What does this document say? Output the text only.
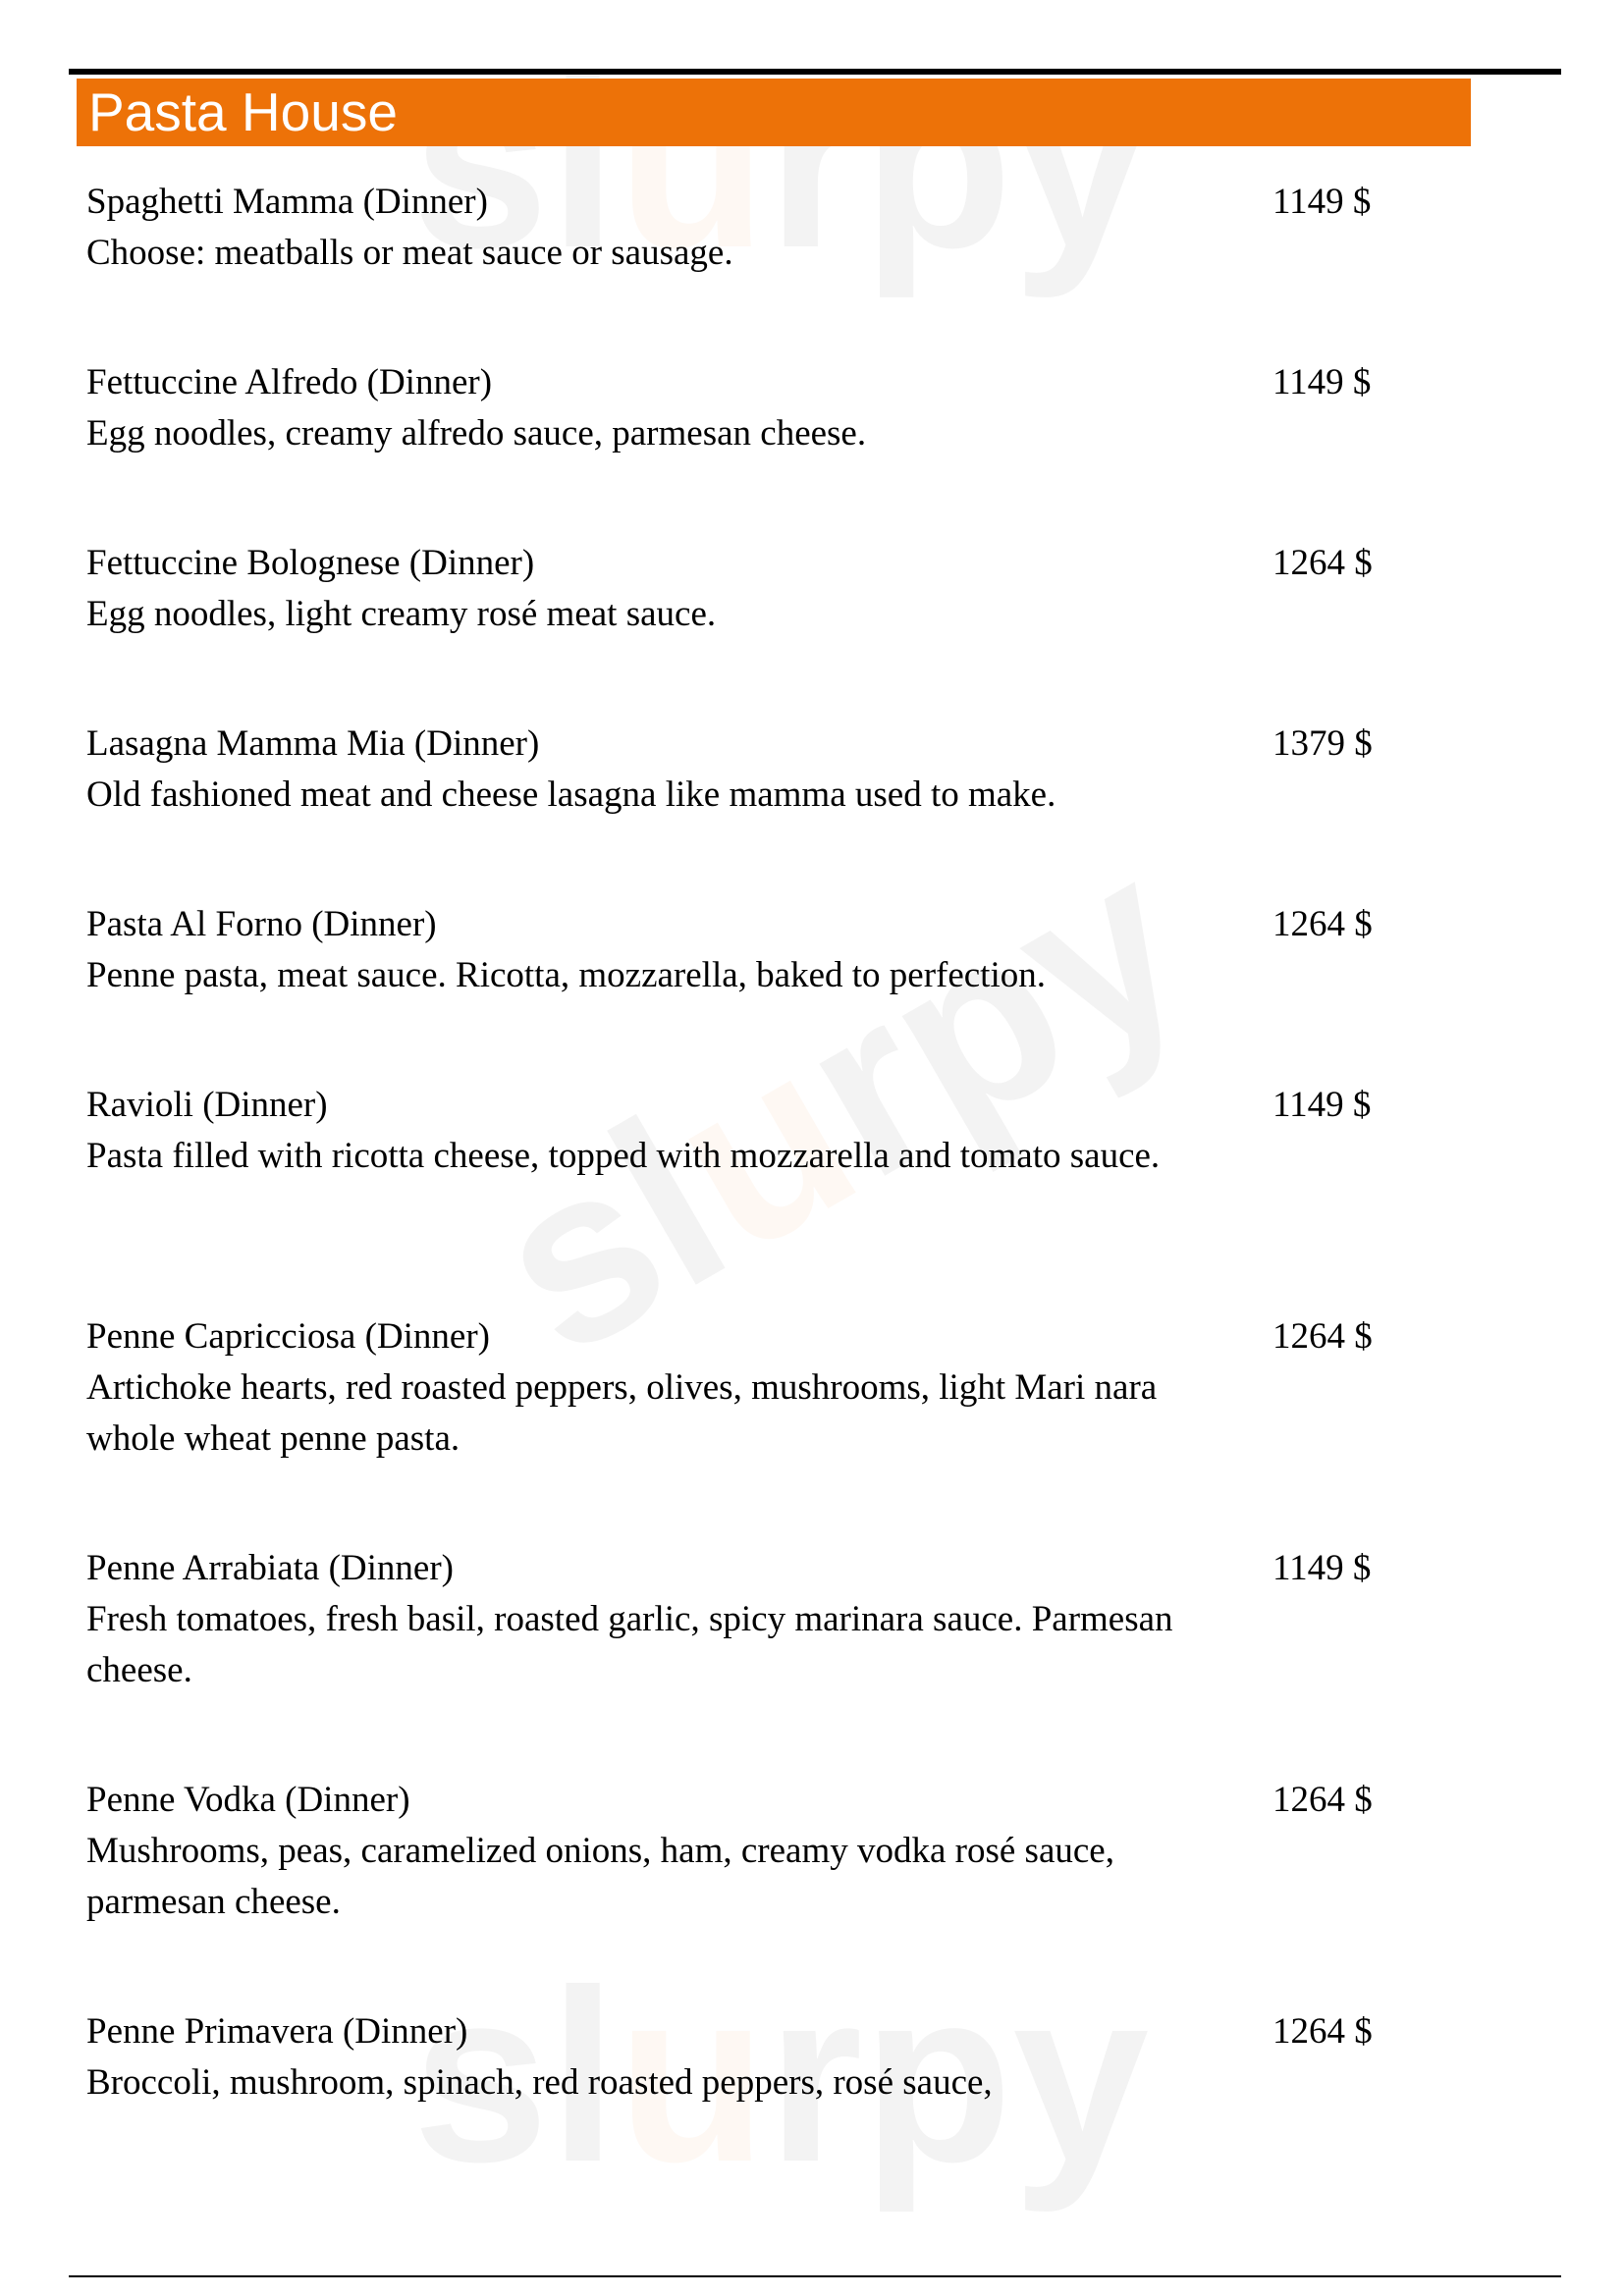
Pasta House
Spaghetti Mamma (Dinner)
Choose: meatballs or meat sauce or sausage.
1149 $
Fettuccine Alfredo (Dinner)
Egg noodles, creamy alfredo sauce, parmesan cheese.
1149 $
Fettuccine Bolognese (Dinner)
Egg noodles, light creamy rosé meat sauce.
1264 $
Lasagna Mamma Mia (Dinner)
Old fashioned meat and cheese lasagna like mamma used to make.
1379 $
Pasta Al Forno (Dinner)
Penne pasta, meat sauce. Ricotta, mozzarella, baked to perfection.
1264 $
Ravioli (Dinner)
Pasta filled with ricotta cheese, topped with mozzarella and tomato sauce.
1149 $
Penne Capricciosa (Dinner)
Artichoke hearts, red roasted peppers, olives, mushrooms, light Mari nara whole wheat penne pasta.
1264 $
Penne Arrabiata (Dinner)
Fresh tomatoes, fresh basil, roasted garlic, spicy marinara sauce. Parmesan cheese.
1149 $
Penne Vodka (Dinner)
Mushrooms, peas, caramelized onions, ham, creamy vodka rosé sauce, parmesan cheese.
1264 $
Penne Primavera (Dinner)
Broccoli, mushroom, spinach, red roasted peppers, rosé sauce,
1264 $
